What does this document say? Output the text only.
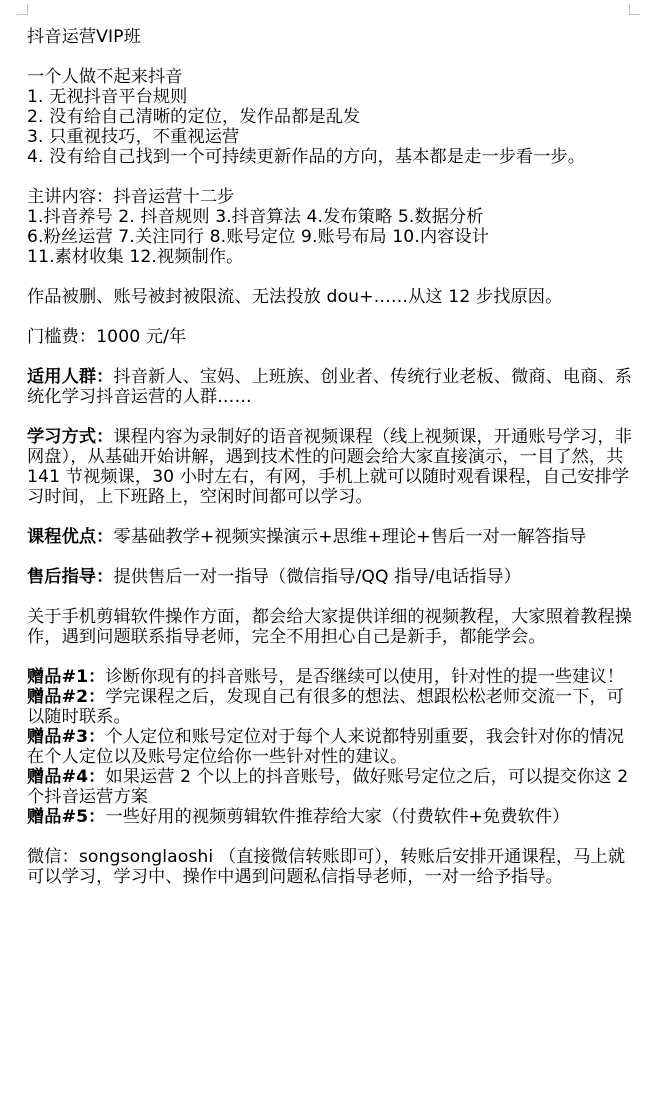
抖音运营VIP班

一个人做不起来抖音

1. 无视抖音平台规则

2. 没有给自己清晰的定位，发作品都是乱发

3. 只重视技巧，不重视运营

4. 没有给自己找到一个可持续更新作品的方向，基本都是走一步看一步。

主讲内容：抖音运营十二步

1.抖音养号 2. 抖音规则 3.抖音算法 4.发布策略 5.数据分析

6.粉丝运营 7.关注同行 8.账号定位 9.账号布局 10.内容设计

11.素材收集 12.视频制作。

作品被删、账号被封被限流、无法投放 dou+……从这 12 步找原因。

门槛费：1000 元/年

适用人群：抖音新人、宝妈、上班族、创业者、传统行业老板、微商、电商、系统化学习抖音运营的人群……

学习方式：课程内容为录制好的语音视频课程（线上视频课，开通账号学习，非网盘），从基础开始讲解，遇到技术性的问题会给大家直接演示，一目了然，共 141 节视频课，30 小时左右，有网，手机上就可以随时观看课程，自己安排学习时间，上下班路上，空闲时间都可以学习。

课程优点：零基础教学+视频实操演示+思维+理论+售后一对一解答指导

售后指导：提供售后一对一指导（微信指导/QQ 指导/电话指导）

关于手机剪辑软件操作方面，都会给大家提供详细的视频教程，大家照着教程操作，遇到问题联系指导老师，完全不用担心自己是新手，都能学会。

赠品#1：诊断你现有的抖音账号，是否继续可以使用，针对性的提一些建议！

赠品#2：学完课程之后，发现自己有很多的想法、想跟松松老师交流一下，可以随时联系。

赠品#3：个人定位和账号定位对于每个人来说都特别重要，我会针对你的情况在个人定位以及账号定位给你一些针对性的建议。

赠品#4：如果运营 2 个以上的抖音账号，做好账号定位之后，可以提交你这 2 个抖音运营方案

赠品#5：一些好用的视频剪辑软件推荐给大家（付费软件+免费软件）

微信：songsonglaoshi （直接微信转账即可），转账后安排开通课程，马上就可以学习，学习中、操作中遇到问题私信指导老师，一对一给予指导。
